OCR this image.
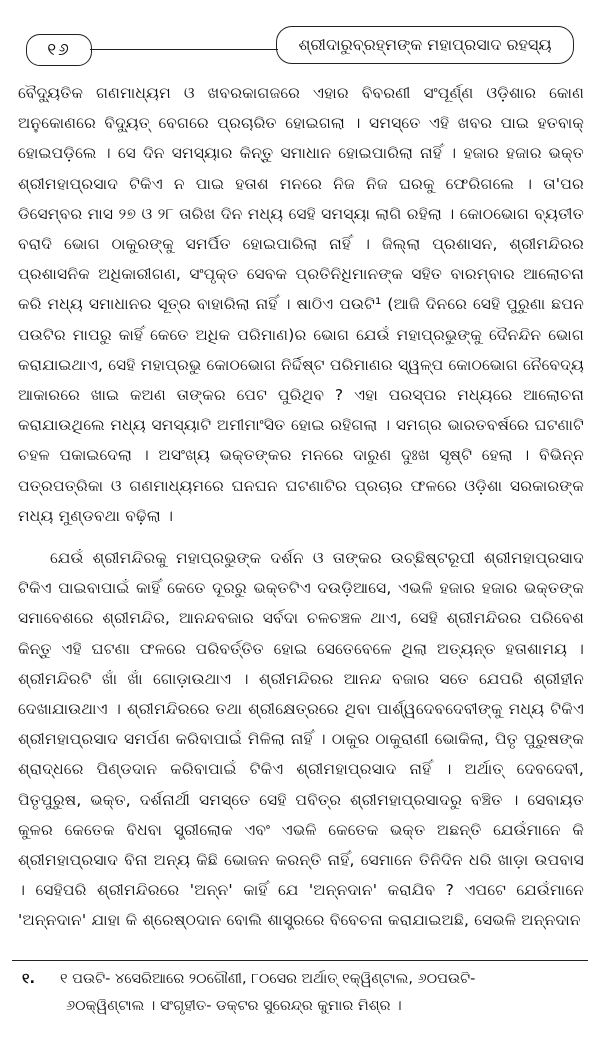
୧୬	ଶ୍ରୀଦାରୁବ୍ରହ୍ମଙ୍କ ମହାପ୍ରସାଦ ରହସ୍ୟ

ବୈଦ୍ୟୁତିକ ଗଣମାଧ୍ୟମ ଓ ଖବରକାଗଜରେ ଏହାର ବିବରଣୀ ସଂପୂର୍ଣ୍ଣ ଓଡ଼ିଶାର କୋଣ ଅନୁକୋଣରେ ବିଦ୍ୟୁତ୍ ବେଗରେ ପ୍ରଚାରିତ ହୋଇଗଲା । ସମସ୍ତେ ଏହି ଖବର ପାଇ ହତବାକ୍ ହୋଇପଡ଼ିଲେ । ସେ ଦିନ ସମସ୍ୟାର କିନ୍ତୁ ସମାଧାନ ହୋଇପାରିଲା ନାହିଁ । ହଜାର ହଜାର ଭକ୍ତ ଶ୍ରୀମହାପ୍ରସାଦ ଟିକିଏ ନ ପାଇ ହତାଶ ମନରେ ନିଜ ନିଜ ଘରକୁ ଫେରିଗଲେ । ତା'ପର ଡିସେମ୍ବର ମାସ ୨୭ ଓ ୨୮ ତାରିଖ ଦିନ ମଧ୍ୟ ସେହି ସମସ୍ୟା ଲାଗି ରହିଲା । କୋଠଭୋଗ ବ୍ୟତୀତ ବରାଦି ଭୋଗ ଠାକୁରଙ୍କୁ ସମର୍ପିତ ହୋଇପାରିଲା ନାହିଁ । ଜିଲ୍ଲା ପ୍ରଶାସନ, ଶ୍ରୀମନ୍ଦିରର ପ୍ରଶାସନିକ ଅଧିକାରୀଗଣ, ସଂପୃକ୍ତ ସେବକ ପ୍ରତିନିଧିମାନଙ୍କ ସହିତ ବାରମ୍ବାର ଆଲୋଚନା କରି ମଧ୍ୟ ସମାଧାନର ସୂତ୍ର ବାହାରିଲା ନାହିଁ । ଷାଠିଏ ପଉଟି¹ (ଆଜି ଦିନରେ ସେହି ପୁରୁଣା ଛପନ ପଉଟିର ମାପରୁ କାହିଁ କେତେ ଅଧିକ ପରିମାଣ)ର ଭୋଗ ଯେଉଁ ମହାପ୍ରଭୁଙ୍କୁ ଦୈନନ୍ଦିନ ଭୋଗ କରାଯାଇଥାଏ, ସେହି ମହାପ୍ରଭୁ କୋଠଭୋଗ ନିର୍ଦ୍ଦିଷ୍ଟ ପରିମାଣର ସ୍ୱଳ୍ପ କୋଠଭୋଗ ନୈବେଦ୍ୟ ଆକାରରେ ଖାଇ କଅଣ ତାଙ୍କର ପେଟ ପୁରିଥିବ ? ଏହା ପରସ୍ପର ମଧ୍ୟରେ ଆଲୋଚନା କରାଯାଉଥିଲେ ମଧ୍ୟ ସମସ୍ୟାଟି ଅମୀମାଂସିତ ହୋଇ ରହିଗଲା । ସମଗ୍ର ଭାରତବର୍ଷରେ ଘଟଣାଟି ଚହଳ ପକାଇଦେଲା । ଅସଂଖ୍ୟ ଭକ୍ତଙ୍କର ମନରେ ଦାରୁଣ ଦୁଃଖ ସୃଷ୍ଟି ହେଲା । ବିଭିନ୍ନ ପତ୍ରପତ୍ରିକା ଓ ଗଣମାଧ୍ୟମରେ ଘନଘନ ଘଟଣାଟିର ପ୍ରଚାର ଫଳରେ ଓଡ଼ିଶା ସରକାରଙ୍କ ମଧ୍ୟ ମୁଣ୍ଡବଥା ବଢ଼ିଲା ।

ଯେଉଁ ଶ୍ରୀମନ୍ଦିରକୁ ମହାପ୍ରଭୁଙ୍କ ଦର୍ଶନ ଓ ତାଙ୍କର ଉଚ୍ଛିଷ୍ଟରୂପୀ ଶ୍ରୀମହାପ୍ରସାଦ ଟିକିଏ ପାଇବାପାଇଁ କାହିଁ କେତେ ଦୂରରୁ ଭକ୍ତଟିଏ ଦଉଡ଼ିଆସେ, ଏଭଳି ହଜାର ହଜାର ଭକ୍ତଙ୍କ ସମାବେଶରେ ଶ୍ରୀମନ୍ଦିର, ଆନନ୍ଦବଜାର ସର୍ବଦା ଚଳଚଞ୍ଚଳ ଥାଏ, ସେହି ଶ୍ରୀମନ୍ଦିରର ପରିବେଶ କିନ୍ତୁ ଏହି ଘଟଣା ଫଳରେ ପରିବର୍ତ୍ତିତ ହୋଇ ସେତେବେଳେ ଥିଲା ଅତ୍ୟନ୍ତ ହତାଶାମୟ । ଶ୍ରୀମନ୍ଦିରଟି ଖାଁ ଖାଁ ଗୋଡ଼ାଉଥାଏ । ଶ୍ରୀମନ୍ଦିରର ଆନନ୍ଦ ବଜାର ସତେ ଯେପରି ଶ୍ରୀହୀନ ଦେଖାଯାଉଥାଏ । ଶ୍ରୀମନ୍ଦିରରେ ତଥା ଶ୍ରୀକ୍ଷେତ୍ରରେ ଥିବା ପାର୍ଶ୍ୱଦେବଦେବୀଙ୍କୁ ମଧ୍ୟ ଟିକିଏ ଶ୍ରୀମହାପ୍ରସାଦ ସମର୍ପଣ କରିବାପାଇଁ ମିଳିଲା ନାହିଁ । ଠାକୁର ଠାକୁରାଣୀ ଭୋକିଲା, ପିତୃ ପୁରୁଷଙ୍କ ଶ୍ରାଦ୍ଧରେ ପିଣ୍ଡଦାନ କରିବାପାଇଁ ଟିକିଏ ଶ୍ରୀମହାପ୍ରସାଦ ନାହିଁ । ଅର୍ଥାତ୍ ଦେବଦେବୀ, ପିତୃପୁରୁଷ, ଭକ୍ତ, ଦର୍ଶନାର୍ଥୀ ସମସ୍ତେ ସେହି ପବିତ୍ର ଶ୍ରୀମହାପ୍ରସାଦରୁ ବଞ୍ଚିତ । ସେବାୟତ କୁଳର କେତେକ ବିଧବା ସ୍ତ୍ରୀଲୋକ ଏବଂ ଏଭଳି କେତେକ ଭକ୍ତ ଅଛନ୍ତି ଯେଉଁମାନେ କି ଶ୍ରୀମହାପ୍ରସାଦ ବିନା ଅନ୍ୟ କିଛି ଭୋଜନ କରନ୍ତି ନାହିଁ, ସେମାନେ ତିନିଦିନ ଧରି ଖାଡ଼ା ଉପବାସ । ସେହିପରି ଶ୍ରୀମନ୍ଦିରରେ 'ଅନ୍ନ' କାହିଁ ଯେ 'ଅନ୍ନଦାନ' କରାଯିବ ? ଏପଟେ ଯେଉଁମାନେ 'ଅନ୍ନଦାନ' ଯାହା କି ଶ୍ରେଷ୍ଠଦାନ ବୋଲି ଶାସ୍ତ୍ରରେ ବିବେଚନା କରାଯାଇଅଛି, ସେଭଳି ଅନ୍ନଦାନ

୧. ୧ ପଉଟି- ୪ସେରିଆରେ ୨୦ଗୌଣୀ, ୮୦ସେର ଅର୍ଥାତ୍ ୧କ୍ୱିଣ୍ଟାଲ, ୬୦ପଉଟି-
୬୦କ୍ୱିଣ୍ଟାଲ । ସଂଗୃହୀତ- ଡକ୍ଟର ସୁରେନ୍ଦ୍ର କୁମାର ମିଶ୍ର ।
